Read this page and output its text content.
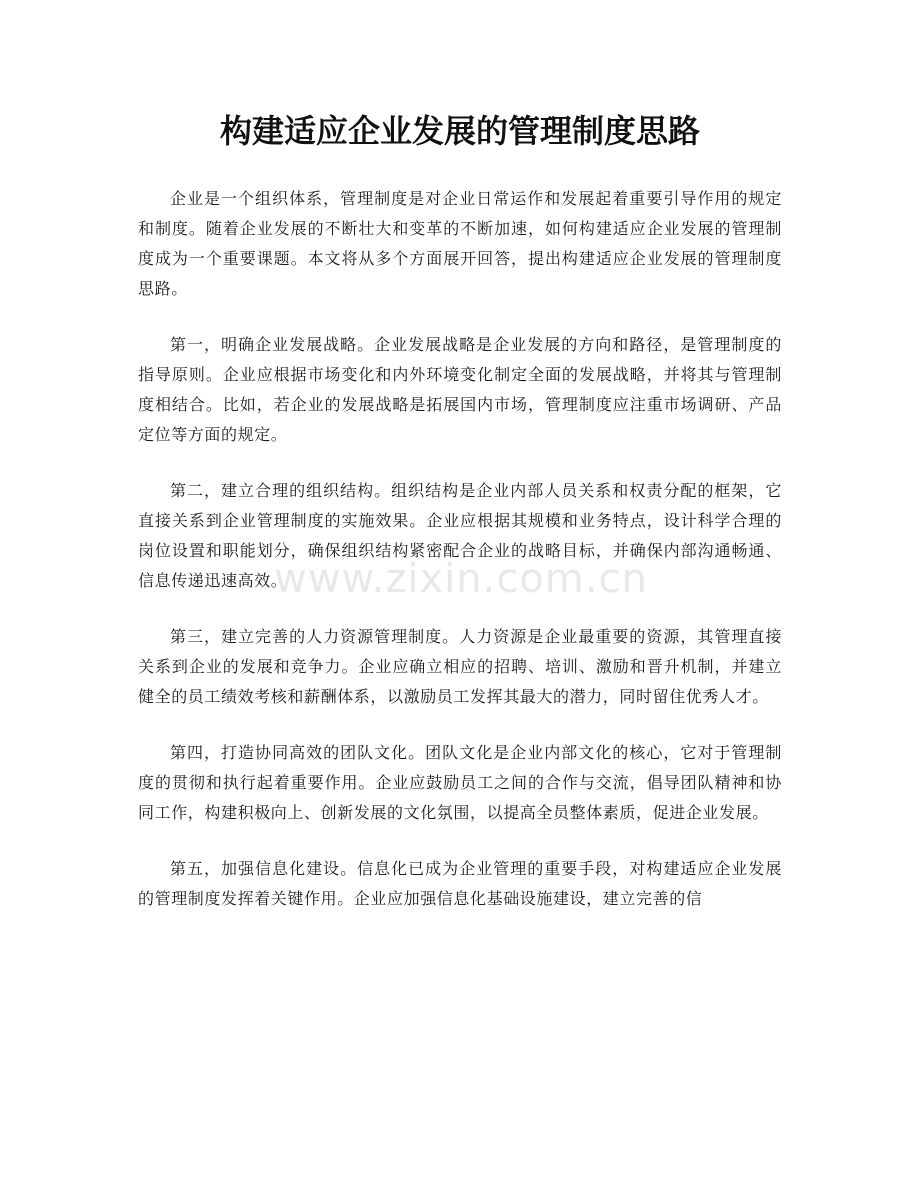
构建适应企业发展的管理制度思路

企业是一个组织体系，管理制度是对企业日常运作和发展起着重要引导作用的规定和制度。随着企业发展的不断壮大和变革的不断加速，如何构建适应企业发展的管理制度成为一个重要课题。本文将从多个方面展开回答，提出构建适应企业发展的管理制度思路。

第一，明确企业发展战略。企业发展战略是企业发展的方向和路径，是管理制度的指导原则。企业应根据市场变化和内外环境变化制定全面的发展战略，并将其与管理制度相结合。比如，若企业的发展战略是拓展国内市场，管理制度应注重市场调研、产品定位等方面的规定。

第二，建立合理的组织结构。组织结构是企业内部人员关系和权责分配的框架，它直接关系到企业管理制度的实施效果。企业应根据其规模和业务特点，设计科学合理的岗位设置和职能划分，确保组织结构紧密配合企业的战略目标，并确保内部沟通畅通、信息传递迅速高效。

第三，建立完善的人力资源管理制度。人力资源是企业最重要的资源，其管理直接关系到企业的发展和竞争力。企业应确立相应的招聘、培训、激励和晋升机制，并建立健全的员工绩效考核和薪酬体系，以激励员工发挥其最大的潜力，同时留住优秀人才。

第四，打造协同高效的团队文化。团队文化是企业内部文化的核心，它对于管理制度的贯彻和执行起着重要作用。企业应鼓励员工之间的合作与交流，倡导团队精神和协同工作，构建积极向上、创新发展的文化氛围，以提高全员整体素质，促进企业发展。

第五，加强信息化建设。信息化已成为企业管理的重要手段，对构建适应企业发展的管理制度发挥着关键作用。企业应加强信息化基础设施建设，建立完善的信

www.zixin.com.cn
